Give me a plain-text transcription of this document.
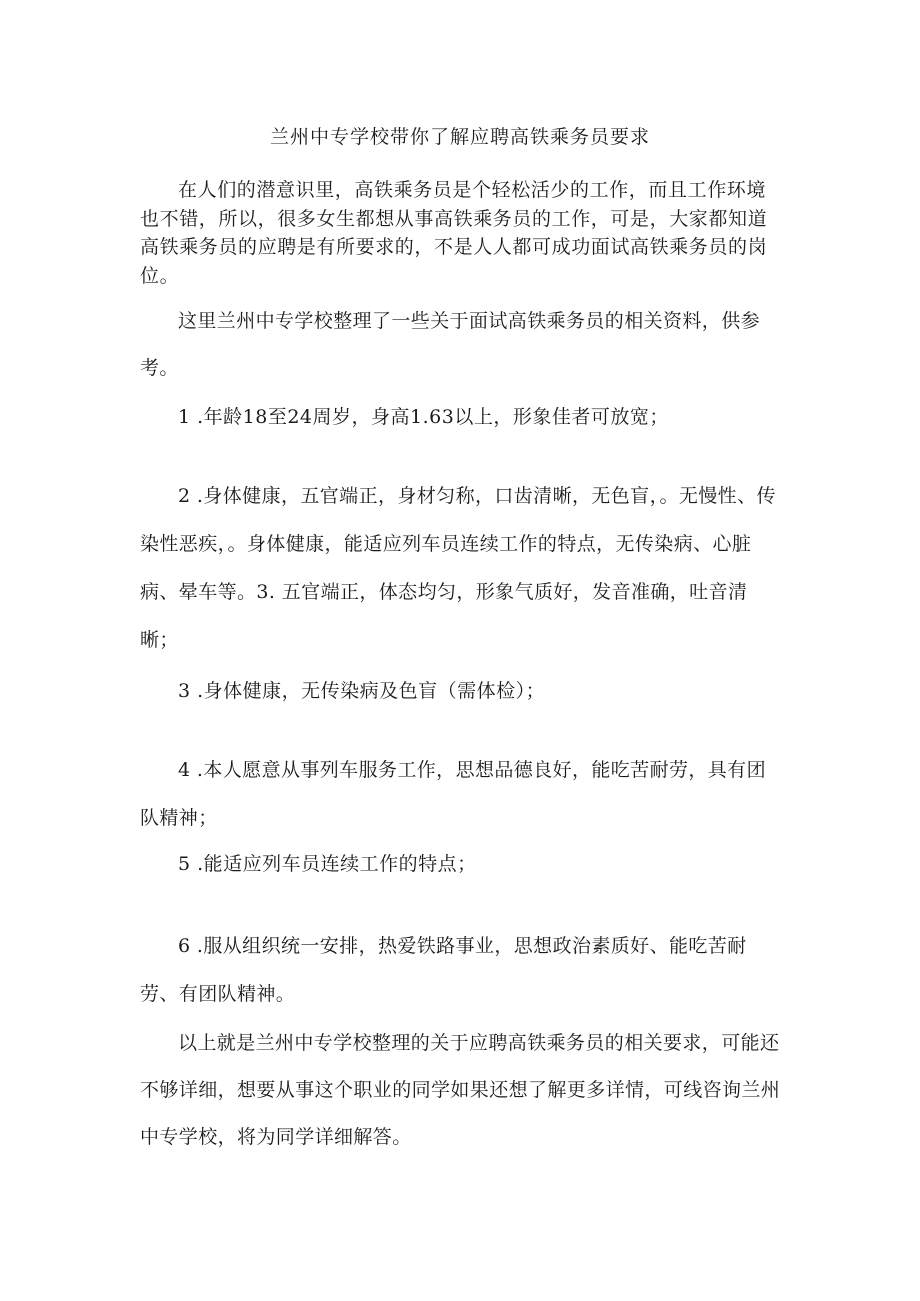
兰州中专学校带你了解应聘高铁乘务员要求

在人们的潜意识里，高铁乘务员是个轻松活少的工作，而且工作环境也不错，所以，很多女生都想从事高铁乘务员的工作，可是，大家都知道高铁乘务员的应聘是有所要求的，不是人人都可成功面试高铁乘务员的岗位。

这里兰州中专学校整理了一些关于面试高铁乘务员的相关资料，供参考。

1 .年龄18至24周岁，身高1.63以上，形象佳者可放宽；

2 .身体健康，五官端正，身材匀称，口齿清晰，无色盲，。无慢性、传染性恶疾，。身体健康，能适应列车员连续工作的特点，无传染病、心脏病、晕车等。3. 五官端正，体态均匀，形象气质好，发音准确，吐音清晰；

3 .身体健康，无传染病及色盲（需体检）；

4 .本人愿意从事列车服务工作，思想品德良好，能吃苦耐劳，具有团队精神；

5 .能适应列车员连续工作的特点；

6 .服从组织统一安排，热爱铁路事业，思想政治素质好、能吃苦耐劳、有团队精神。

以上就是兰州中专学校整理的关于应聘高铁乘务员的相关要求，可能还不够详细，想要从事这个职业的同学如果还想了解更多详情，可线咨询兰州中专学校，将为同学详细解答。
